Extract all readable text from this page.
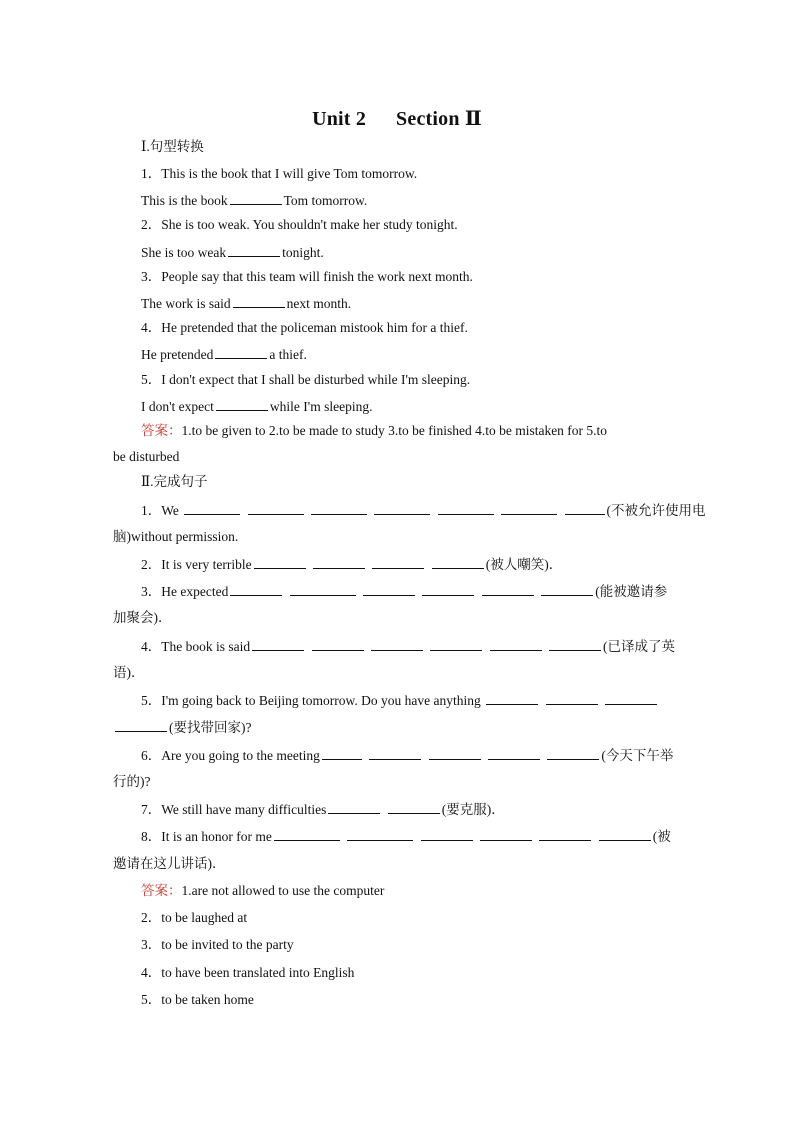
Unit 2 Section Ⅱ
Ⅰ.句型转换
1．This is the book that I will give Tom tomorrow.
This is the book	Tom tomorrow.
2．She is too weak. You shouldn't make her study tonight.
She is too weak	tonight.
3．People say that this team will finish the work next month.
The work is said	next month.
4．He pretended that the policeman mistook him for a thief.
He pretended	a thief.
5．I don't expect that I shall be disturbed while I'm sleeping.
I don't expect	while I'm sleeping.
答案：1.to be given to 2.to be made to study 3.to be finished 4.to be mistaken for 5.to
be disturbed
Ⅱ.完成句子
1．We	(不被允许使用电
脑)without permission.
2．It is very terrible	(被人嘲笑)．
3．He expected	(能被邀请参
加聚会)．
4．The book is said	(已译成了英
语)．
5．I'm going back to Beijing tomorrow. Do you have anything
(要找带回家)?
6．Are you going to the meeting	(今天下午举
行的)?
7．We still have many difficulties	(要克服)．
8．It is an honor for me	(被
邀请在这儿讲话)．
答案：1.are not allowed to use the computer
2．to be laughed at
3．to be invited to the party
4．to have been translated into English
5．to be taken home
